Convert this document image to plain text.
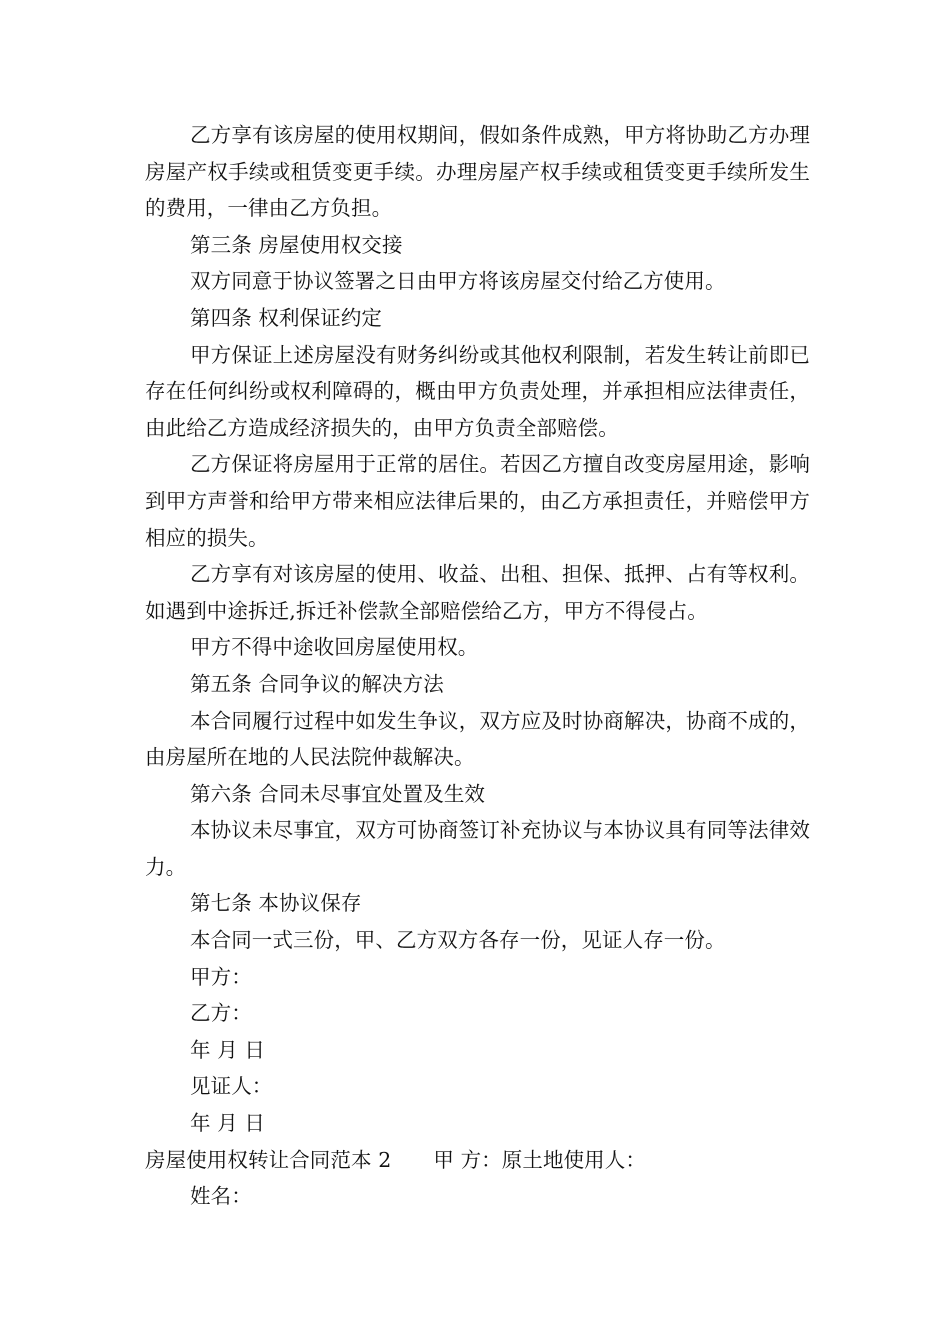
乙方享有该房屋的使用权期间，假如条件成熟，甲方将协助乙方办理房屋产权手续或租赁变更手续。办理房屋产权手续或租赁变更手续所发生的费用，一律由乙方负担。

第三条 房屋使用权交接

双方同意于协议签署之日由甲方将该房屋交付给乙方使用。

第四条 权利保证约定

甲方保证上述房屋没有财务纠纷或其他权利限制，若发生转让前即已存在任何纠纷或权利障碍的，概由甲方负责处理，并承担相应法律责任，由此给乙方造成经济损失的，由甲方负责全部赔偿。

乙方保证将房屋用于正常的居住。若因乙方擅自改变房屋用途，影响到甲方声誉和给甲方带来相应法律后果的，由乙方承担责任，并赔偿甲方相应的损失。

乙方享有对该房屋的使用、收益、出租、担保、抵押、占有等权利。如遇到中途拆迁,拆迁补偿款全部赔偿给乙方，甲方不得侵占。

甲方不得中途收回房屋使用权。

第五条 合同争议的解决方法

本合同履行过程中如发生争议，双方应及时协商解决，协商不成的，由房屋所在地的人民法院仲裁解决。

第六条 合同未尽事宜处置及生效

本协议未尽事宜，双方可协商签订补充协议与本协议具有同等法律效力。

第七条 本协议保存

本合同一式三份，甲、乙方双方各存一份，见证人存一份。

甲方：

乙方：

年 月 日

见证人：

年 月 日

房屋使用权转让合同范本 2 甲 方：原土地使用人：

姓名：
